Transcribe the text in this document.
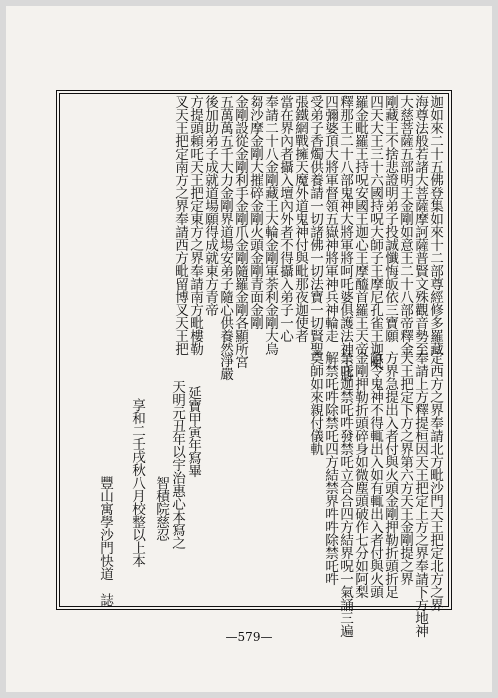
迦如來二十五佛登集如來十二部尊經修多羅藏
海尊法般若諸大菩薩摩訶薩普賢文殊觀音勢至
大慈菩薩五部明王金剛如意王二十八部帝釋金
剛藏王不捨悲證明弟子投誠懺悔皈依三寶願
四天大王三十六國持呪大師子王摩尼孔雀王迦毗
羅金毗羅王持呪安國王迦心王摩醯首羅王天帝
釋那王二十八部鬼神大將軍將呵吒婆俱護法神王將
四彌婆頂大將軍督領五嶽神將軍神兵神輪走
受弟子香燭供養請一切諸佛一切法寶一切賢聖
張鐵網戰擁天魔外道鬼神付與毗那夜迦使者
當在界內者攝入壇內外者不得攝入弟子一心
奉請二十八金剛藏王大輪金剛軍荼利金剛大烏
芻沙摩金剛大摧碎金剛火頭金剛青面金剛
金剛設從金剛利手金剛爪金剛隨羅金剛各顯所宮
五萬萬五千大力金剛界道場安弟子隨心供養然
後加助弟子成就道場願得成就東方青帝
方提頭頼吒天王把定東方之界奉請南方毗樓勒
叉天王把定南方之界奉請西方毗留博叉天王把
定西方之界奉請北方毗沙門天王把定北方之界
奉請上方釋提桓因天王把定上方之界奉請下方地神
天王把定下方之界第六方天王金剛提之界
方界急提出入者付與火頭金剛押勒折頭折足
急令鬼神不得輒出入如有輒出入者付與火頭
金剛押勒折頭碎身如微塵頭破作七分如阿梨
禁吒迦禁吒吽發禁吒立合合四方結界呪一氣誦三遍
解禁吒吽除禁吒四方結禁界吽吽除禁吒吽
奠師如來親付儀軌
淨嚴
延寶甲寅年寫畢
天明元丑年以宇治惠心本寫之
智積院慈忍
享和二壬戌秋八月校整以上本
豐山寓學沙門快道　誌
—579—
